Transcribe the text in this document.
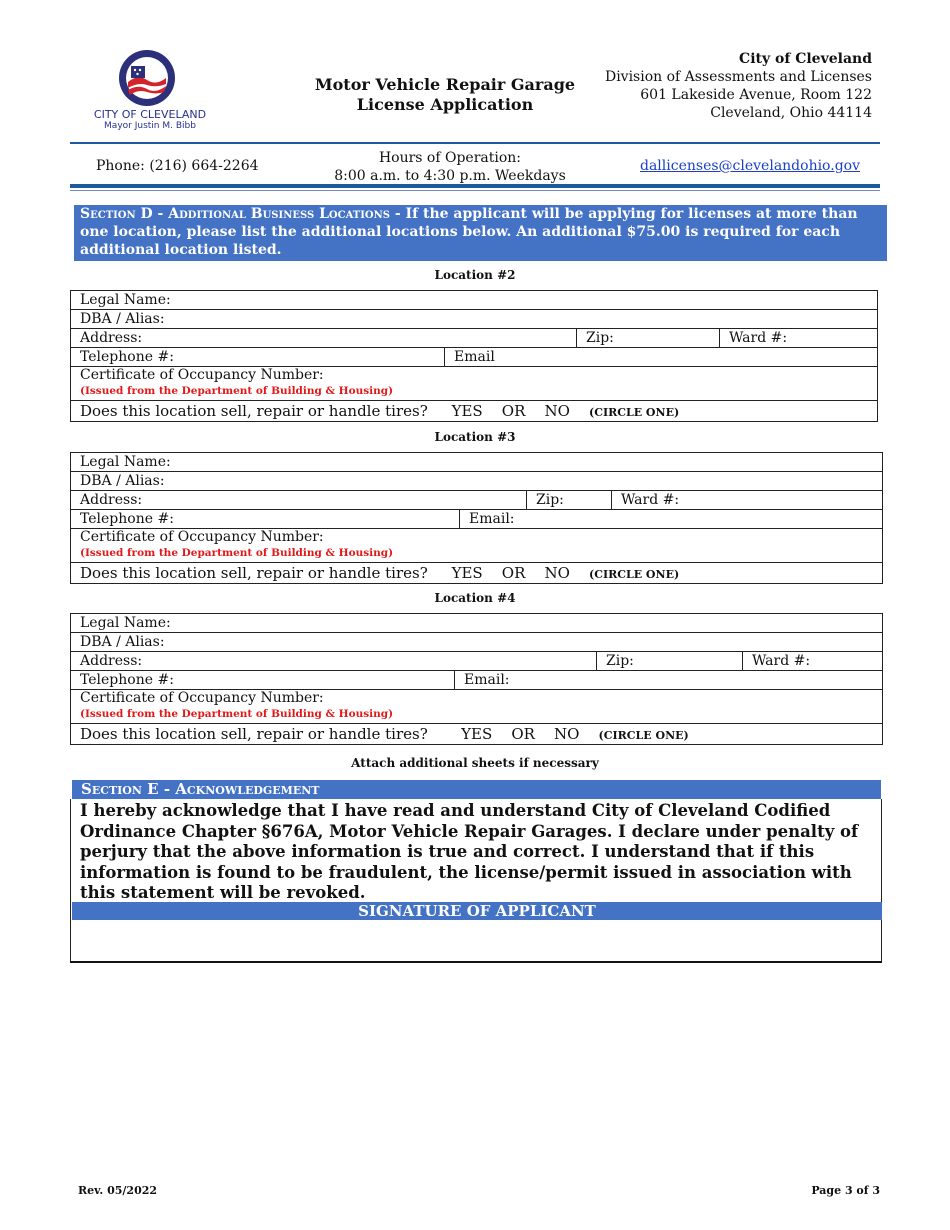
CITY OF CLEVELAND
Mayor Justin M. Bibb
Motor Vehicle Repair Garage
License Application
City of Cleveland
Division of Assessments and Licenses
601 Lakeside Avenue, Room 122
Cleveland, Ohio 44114
Phone: (216) 664-2264	Hours of Operation:
8:00 a.m. to 4:30 p.m. Weekdays
dallicenses@clevelandohio.gov
Section D - Additional Business Locations - If the applicant will be applying for licenses at more than one location, please list the additional locations below. An additional $75.00 is required for each additional location listed.
Location #2
Legal Name:
DBA / Alias:
Address:	Zip:	Ward #:
Telephone #:	Email
Certificate of Occupancy Number:
(Issued from the Department of Building & Housing)
Does this location sell, repair or handle tires? YES OR NO (CIRCLE ONE)
Location #3
Legal Name:
DBA / Alias:
Address:	Zip:	Ward #:
Telephone #:	Email:
Certificate of Occupancy Number:
(Issued from the Department of Building & Housing)
Does this location sell, repair or handle tires? YES OR NO (CIRCLE ONE)
Location #4
Legal Name:
DBA / Alias:
Address:	Zip:	Ward #:
Telephone #:	Email:
Certificate of Occupancy Number:
(Issued from the Department of Building & Housing)
Does this location sell, repair or handle tires? YES OR NO (CIRCLE ONE)
Attach additional sheets if necessary
Section E - Acknowledgement
I hereby acknowledge that I have read and understand City of Cleveland Codified Ordinance Chapter §676A, Motor Vehicle Repair Garages. I declare under penalty of perjury that the above information is true and correct. I understand that if this information is found to be fraudulent, the license/permit issued in association with this statement will be revoked.
SIGNATURE OF APPLICANT
Rev. 05/2022	Page 3 of 3
